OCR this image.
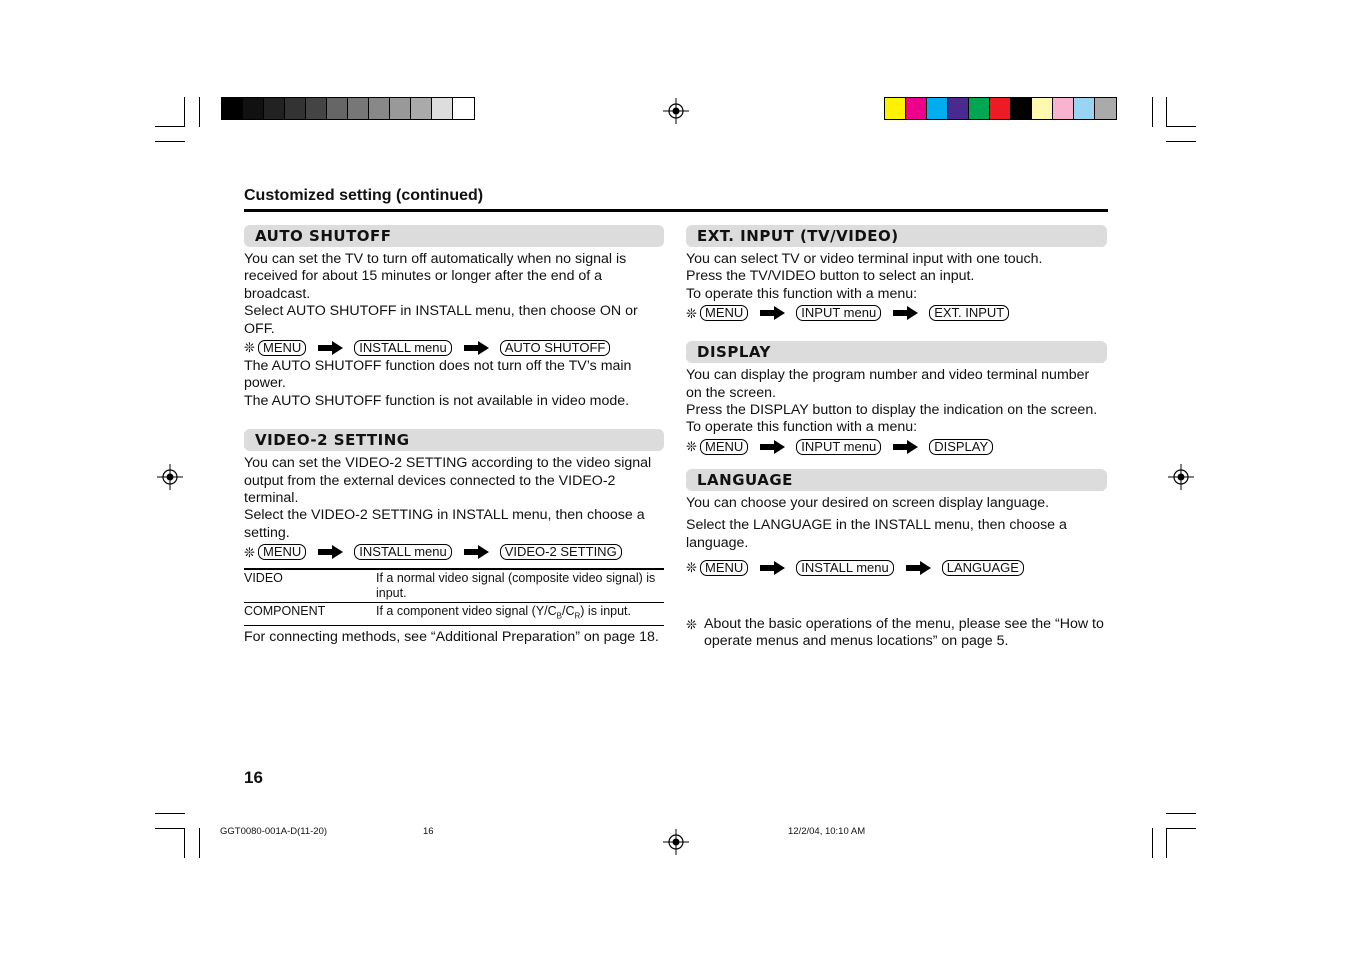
Customized setting (continued)
AUTO SHUTOFF

You can set the TV to turn off automatically when no signal is received for about 15 minutes or longer after the end of a broadcast.

Select AUTO SHUTOFF in INSTALL menu, then choose ON or OFF.

❊ MENU	INSTALL menu	AUTO SHUTOFF

The AUTO SHUTOFF function does not turn off the TV’s main power.

The AUTO SHUTOFF function is not available in video mode.

VIDEO-2 SETTING

You can set the VIDEO-2 SETTING according to the video signal output from the external devices connected to the VIDEO-2 terminal.

Select the VIDEO-2 SETTING in INSTALL menu, then choose a setting.

❊ MENU	INSTALL menu	VIDEO-2 SETTING
VIDEO	If a normal video signal (composite video signal) is input.
COMPONENT	If a component video signal $(Y/C_B/C_R)$ is input.

For connecting methods, see “Additional Preparation” on page 18.

EXT. INPUT (TV/VIDEO)

You can select TV or video terminal input with one touch.

Press the TV/VIDEO button to select an input.

To operate this function with a menu:

❊ MENU	INPUT menu	EXT. INPUT
DISPLAY

You can display the program number and video terminal number on the screen.

Press the DISPLAY button to display the indication on the screen.

To operate this function with a menu:

❊ MENU	INPUT menu	DISPLAY
LANGUAGE

You can choose your desired on screen display language.

Select the LANGUAGE in the INSTALL menu, then choose a language.

❊ MENU	INSTALL menu	LANGUAGE
❊ About the basic operations of the menu, please see the “How to operate menus and menus locations” on page 5.
16
GGT0080-001A-D(11-20)	16	12/2/04, 10:10 AM
